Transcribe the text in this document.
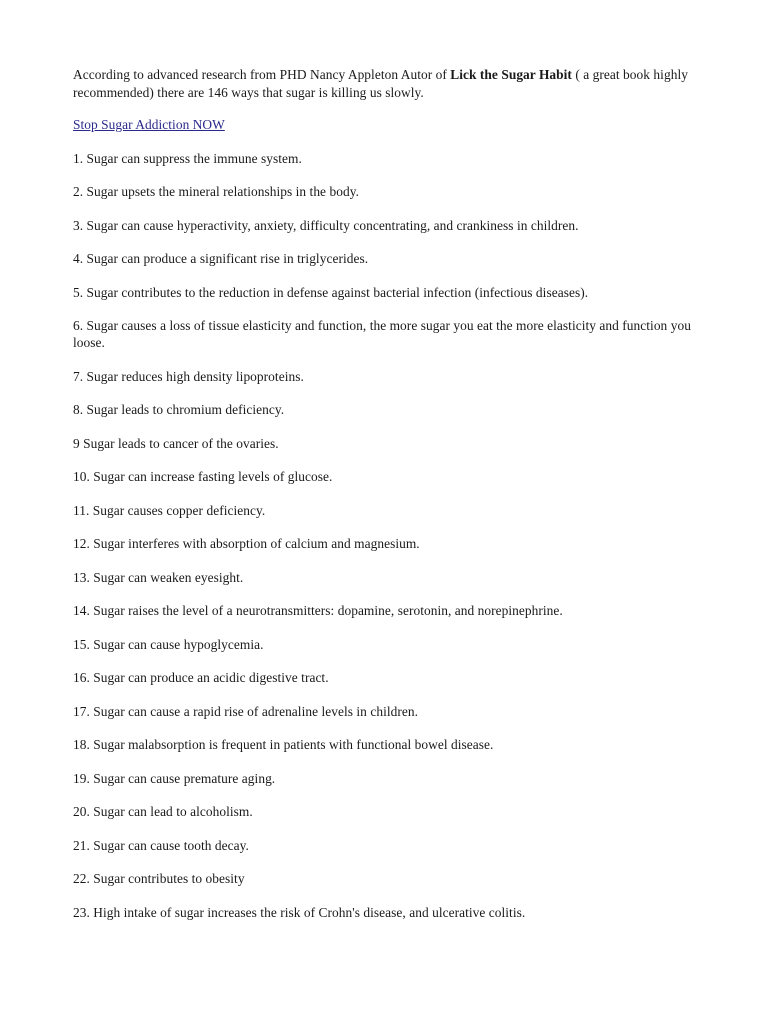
According to advanced research from PHD Nancy Appleton Autor of Lick the Sugar Habit ( a great book highly recommended) there are 146 ways that sugar is killing us slowly.

Stop Sugar Addiction NOW

1. Sugar can suppress the immune system.
2. Sugar upsets the mineral relationships in the body.
3. Sugar can cause hyperactivity, anxiety, difficulty concentrating, and crankiness in children.
4. Sugar can produce a significant rise in triglycerides.
5. Sugar contributes to the reduction in defense against bacterial infection (infectious diseases).
6. Sugar causes a loss of tissue elasticity and function, the more sugar you eat the more elasticity and function you loose.
7. Sugar reduces high density lipoproteins.
8. Sugar leads to chromium deficiency.
9 Sugar leads to cancer of the ovaries.
10. Sugar can increase fasting levels of glucose.
11. Sugar causes copper deficiency.
12. Sugar interferes with absorption of calcium and magnesium.
13. Sugar can weaken eyesight.
14. Sugar raises the level of a neurotransmitters: dopamine, serotonin, and norepinephrine.
15. Sugar can cause hypoglycemia.
16. Sugar can produce an acidic digestive tract.
17. Sugar can cause a rapid rise of adrenaline levels in children.
18. Sugar malabsorption is frequent in patients with functional bowel disease.
19. Sugar can cause premature aging.
20. Sugar can lead to alcoholism.
21. Sugar can cause tooth decay.
22. Sugar contributes to obesity
23. High intake of sugar increases the risk of Crohn's disease, and ulcerative colitis.
